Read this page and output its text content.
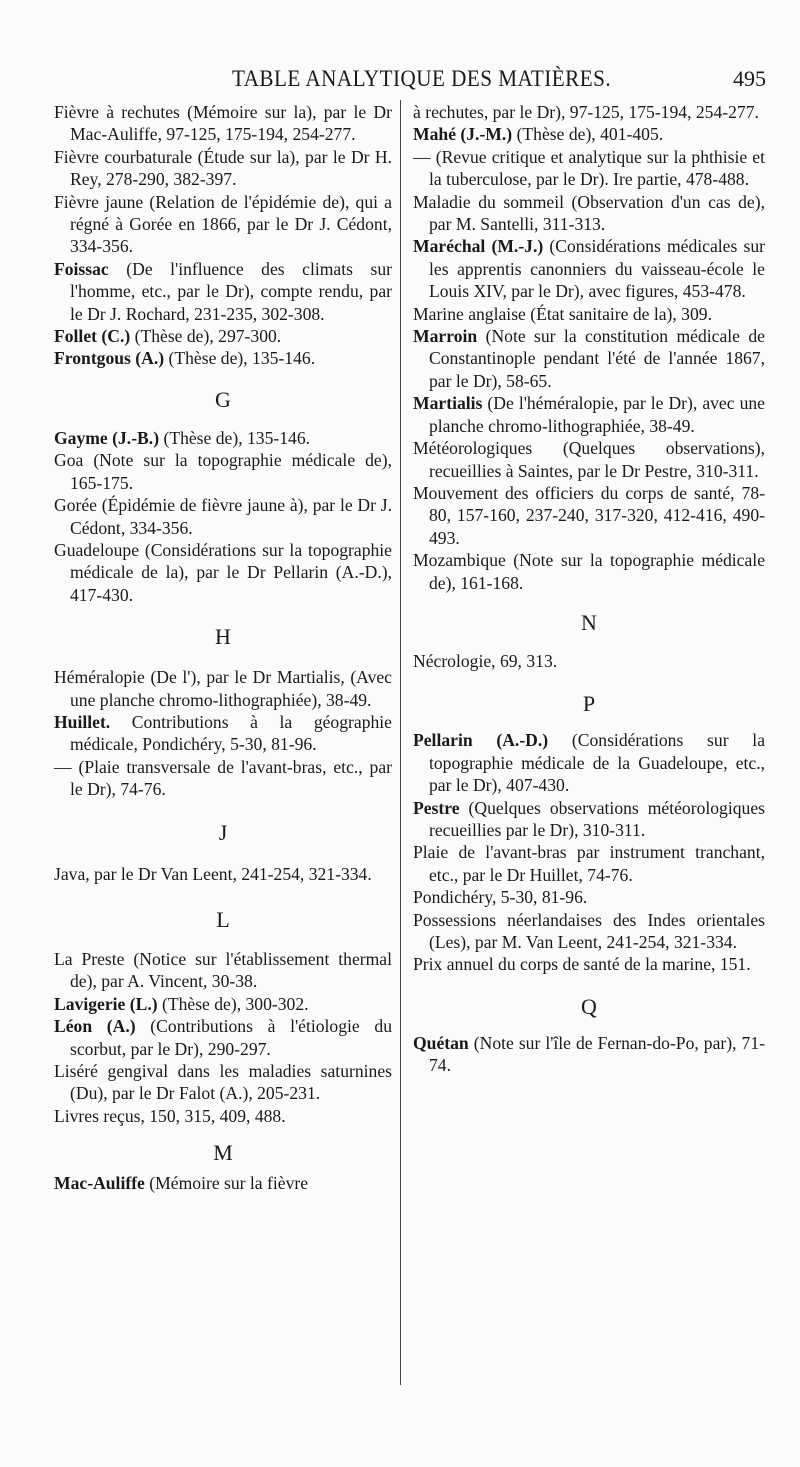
TABLE ANALYTIQUE DES MATIÈRES.	495
Fièvre à rechutes (Mémoire sur la), par le Dr Mac-Auliffe, 97-125, 175-194, 254-277.
Fièvre courbaturale (Étude sur la), par le Dr H. Rey, 278-290, 382-397.
Fièvre jaune (Relation de l'épidémie de), qui a régné à Gorée en 1866, par le Dr J. Cédont, 334-356.
Foissac (De l'influence des climats sur l'homme, etc., par le Dr), compte rendu, par le Dr J. Rochard, 231-235, 302-308.
Follet (C.) (Thèse de), 297-300.
Frontgous (A.) (Thèse de), 135-146.
G
Gayme (J.-B.) (Thèse de), 135-146.
Goa (Note sur la topographie médicale de), 165-175.
Gorée (Épidémie de fièvre jaune à), par le Dr J. Cédont, 334-356.
Guadeloupe (Considérations sur la topographie médicale de la), par le Dr Pellarin (A.-D.), 417-430.
H
Héméralopie (De l'), par le Dr Martialis, (Avec une planche chromo-lithographiée), 38-49.
Huillet. Contributions à la géographie médicale, Pondichéry, 5-30, 81-96.
— (Plaie transversale de l'avant-bras, etc., par le Dr), 74-76.
J
Java, par le Dr Van Leent, 241-254, 321-334.
L
La Preste (Notice sur l'établissement thermal de), par A. Vincent, 30-38.
Lavigerie (L.) (Thèse de), 300-302.
Léon (A.) (Contributions à l'étiologie du scorbut, par le Dr), 290-297.
Liséré gengival dans les maladies saturnines (Du), par le Dr Falot (A.), 205-231.
Livres reçus, 150, 315, 409, 488.
M
Mac-Auliffe (Mémoire sur la fièvre
à rechutes, par le Dr), 97-125, 175-194, 254-277.
Mahé (J.-M.) (Thèse de), 401-405.
— (Revue critique et analytique sur la phthisie et la tuberculose, par le Dr). Ire partie, 478-488.
Maladie du sommeil (Observation d'un cas de), par M. Santelli, 311-313.
Maréchal (M.-J.) (Considérations médicales sur les apprentis canonniers du vaisseau-école le Louis XIV, par le Dr), avec figures, 453-478.
Marine anglaise (État sanitaire de la), 309.
Marroin (Note sur la constitution médicale de Constantinople pendant l'été de l'année 1867, par le Dr), 58-65.
Martialis (De l'héméralopie, par le Dr), avec une planche chromo-lithographiée, 38-49.
Météorologiques (Quelques observations), recueillies à Saintes, par le Dr Pestre, 310-311.
Mouvement des officiers du corps de santé, 78-80, 157-160, 237-240, 317-320, 412-416, 490-493.
Mozambique (Note sur la topographie médicale de), 161-168.
N
Nécrologie, 69, 313.
P
Pellarin (A.-D.) (Considérations sur la topographie médicale de la Guadeloupe, etc., par le Dr), 407-430.
Pestre (Quelques observations météorologiques recueillies par le Dr), 310-311.
Plaie de l'avant-bras par instrument tranchant, etc., par le Dr Huillet, 74-76.
Pondichéry, 5-30, 81-96.
Possessions néerlandaises des Indes orientales (Les), par M. Van Leent, 241-254, 321-334.
Prix annuel du corps de santé de la marine, 151.
Q
Quétan (Note sur l'île de Fernan-do-Po, par), 71-74.
